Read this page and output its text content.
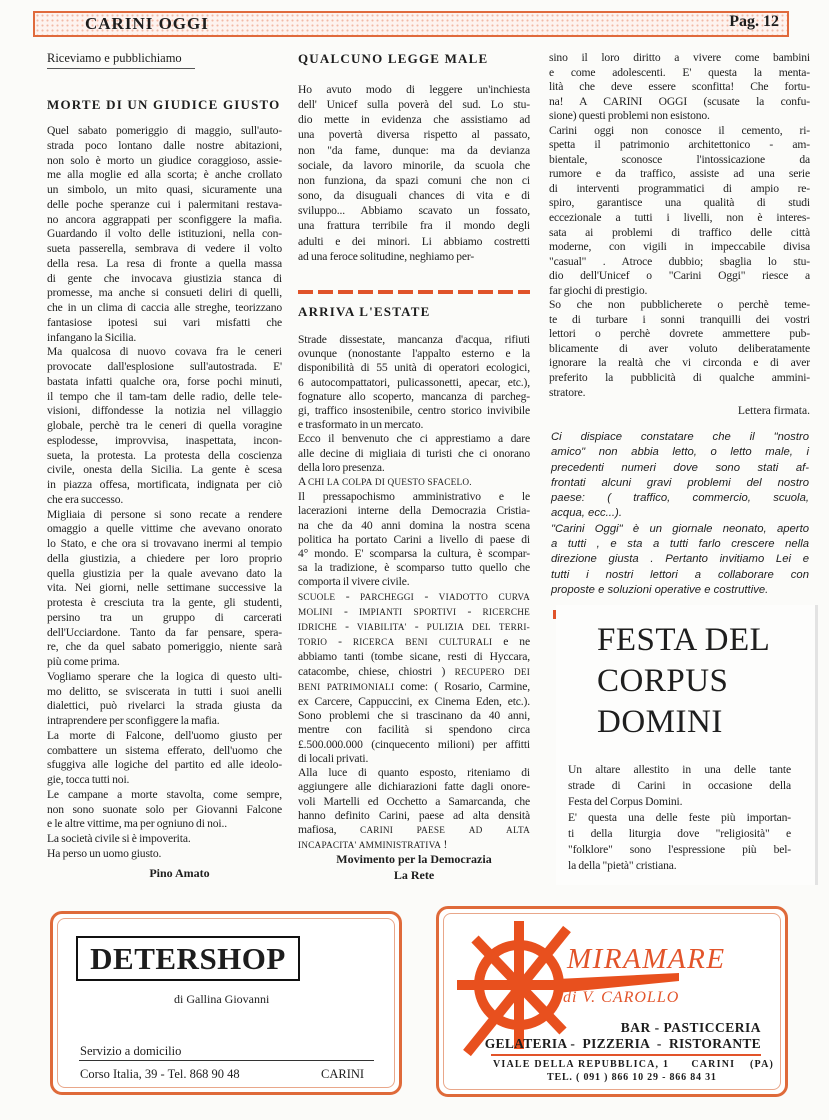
CARINI OGGI	Pag. 12
Riceviamo e pubblichiamo
MORTE DI UN GIUDICE GIUSTO
Quel sabato pomeriggio di maggio, sull'auto-
strada poco lontano dalle nostre abitazioni,
non solo è morto un giudice coraggioso, assie-
me alla moglie ed alla scorta; è anche crollato
un simbolo, un mito quasi, sicuramente una
delle poche speranze cui i palermitani restava-
no ancora aggrappati per sconfiggere la mafia.
Guardando il volto delle istituzioni, nella con-
sueta passerella, sembrava di vedere il volto
della resa. La resa di fronte a quella massa
di gente che invocava giustizia stanca di
promesse, ma anche si consueti deliri di quelli,
che in un clima di caccia alle streghe, teorizzano
fantasiose ipotesi sui vari misfatti che
infangano la Sicilia.
Ma qualcosa di nuovo covava fra le ceneri
provocate dall'esplosione sull'autostrada. E'
bastata infatti qualche ora, forse pochi minuti,
il tempo che il tam-tam delle radio, delle tele-
visioni, diffondesse la notizia nel villaggio
globale, perchè tra le ceneri di quella voragine
esplodesse, improvvisa, inaspettata, incon-
sueta, la protesta. La protesta della coscienza
civile, onesta della Sicilia. La gente è scesa
in piazza offesa, mortificata, indignata per ciò
che era successo.
Migliaia di persone si sono recate a rendere
omaggio a quelle vittime che avevano onorato
lo Stato, e che ora si trovavano inermi al tempio
della giustizia, a chiedere per loro proprio
quella giustizia per la quale avevano dato la
vita. Nei giorni, nelle settimane successive la
protesta è cresciuta tra la gente, gli studenti,
persino tra un gruppo di carcerati
dell'Ucciardone. Tanto da far pensare, spera-
re, che da quel sabato pomeriggio, niente sarà
più come prima.
Vogliamo sperare che la logica di questo ulti-
mo delitto, se sviscerata in tutti i suoi anelli
dialettici, può rivelarci la strada giusta da
intraprendere per sconfiggere la mafia.
La morte di Falcone, dell'uomo giusto per
combattere un sistema efferato, dell'uomo che
sfuggiva alle logiche del partito ed alle ideolo-
gie, tocca tutti noi.
Le campane a morte stavolta, come sempre,
non sono suonate solo per Giovanni Falcone
e le altre vittime, ma per ogniuno di noi..
La società civile si è impoverita.
Ha perso un uomo giusto.
Pino Amato
QUALCUNO LEGGE MALE
Ho avuto modo di leggere un'inchiesta
dell' Unicef sulla poverà del sud. Lo stu-
dio mette in evidenza che assistiamo ad
una povertà diversa rispetto al passato,
non "da fame, dunque: ma da devianza
sociale, da lavoro minorile, da scuola che
non funziona, da spazi comuni che non ci
sono, da disuguali chances di vita e di
sviluppo... Abbiamo scavato un fossato,
una frattura terribile fra il mondo degli
adulti e dei minori. Li abbiamo costretti
ad una feroce solitudine, neghiamo per-
ARRIVA L'ESTATE
Strade dissestate, mancanza d'acqua, rifiuti
ovunque (nonostante l'appalto esterno e la
disponibilità di 55 unità di operatori ecologici,
6 autocompattatori, pulicassonetti, apecar, etc.),
fognature allo scoperto, mancanza di parcheg-
gi, traffico insostenibile, centro storico invivibile
e trasformato in un mercato.
Ecco il benvenuto che ci apprestiamo a dare
alle decine di migliaia di turisti che ci onorano
della loro presenza.
A CHI LA COLPA DI QUESTO SFACELO.
Il pressapochismo amministrativo e le
lacerazioni interne della Democrazia Cristia-
na che da 40 anni domina la nostra scena
politica ha portato Carini a livello di paese di
4° mondo. E' scomparsa la cultura, è scompar-
sa la tradizione, è scomparso tutto quello che
comporta il vivere civile.
SCUOLE - PARCHEGGI - VIADOTTO CURVA
MOLINI - IMPIANTI SPORTIVI - RICERCHE
IDRICHE - VIABILITA' - PULIZIA DEL TERRI-
TORIO - RICERCA BENI CULTURALI e ne
abbiamo tanti (tombe sicane, resti di Hyccara,
catacombe, chiese, chiostri ) RECUPERO DEI
BENI PATRIMONIALI come: ( Rosario, Carmine,
ex Carcere, Cappuccini, ex Cinema Eden, etc.).
Sono problemi che si trascinano da 40 anni,
mentre con facilità si spendono circa
£.500.000.000 (cinquecento milioni) per affitti
di locali privati.
Alla luce di quanto esposto, riteniamo di
aggiungere alle dichiarazioni fatte dagli onore-
voli Martelli ed Occhetto a Samarcanda, che
hanno definito Carini, paese ad alta densità
mafiosa,	CARINI	PAESE	AD	ALTA
INCAPACITA' AMMINISTRATIVA !
Movimento per la Democrazia
La Rete
sino il loro diritto a vivere come bambini
e come adolescenti. E' questa la menta-
lità che deve essere sconfitta! Che fortu-
na! A CARINI OGGI (scusate la confu-
sione) questi problemi non esistono.
Carini oggi non conosce il cemento, ri-
spetta il patrimonio architettonico - am-
bientale, sconosce l'intossicazione da
rumore e da traffico, assiste ad una serie
di interventi programmatici di ampio re-
spiro, garantisce una qualità di studi
eccezionale a tutti i livelli, non è interes-
sata ai problemi di traffico delle città
moderne, con vigili in impeccabile divisa
"casual" . Atroce dubbio; sbaglia lo stu-
dio dell'Unicef o "Carini Oggi" riesce a
far giochi di prestigio.
So che non pubblicherete o perchè teme-
te di turbare i sonni tranquilli dei vostri
lettori o perchè dovrete ammettere pub-
blicamente di aver voluto deliberatamente
ignorare la realtà che vi circonda e di aver
preferito la pubblicità di qualche ammini-
stratore.
Lettera firmata.
Ci dispiace constatare che il "nostro
amico" non abbia letto, o letto male, i
precedenti numeri dove sono stati af-
frontati alcuni gravi problemi del nostro
paese: ( traffico, commercio, scuola,
acqua, ecc...).
"Carini Oggi" è un giornale neonato, aperto
a tutti , e sta a tutti farlo crescere nella
direzione giusta . Pertanto invitiamo Lei e
tutti i nostri lettori a collaborare con
proposte e soluzioni operative e costruttive.
FESTA DEL
CORPUS
DOMINI
Un altare allestito in una delle tante
strade di Carini in occasione della
Festa del Corpus Domini.
E' questa una delle feste più importan-
ti della liturgia dove "religiosità" e
"folklore" sono l'espressione più bel-
la della "pietà" cristiana.
DETERSHOP
di Gallina Giovanni
Servizio a domicilio
Corso Italia, 39 - Tel. 868 90 48	CARINI
MIRAMARE
di V. CAROLLO
BAR - PASTICCERIA
GELATERIA -  PIZZERIA  -  RISTORANTE
VIALE DELLA REPUBBLICA, 1      CARINI    (PA)
TEL. ( 091 ) 866 10 29 - 866 84 31
